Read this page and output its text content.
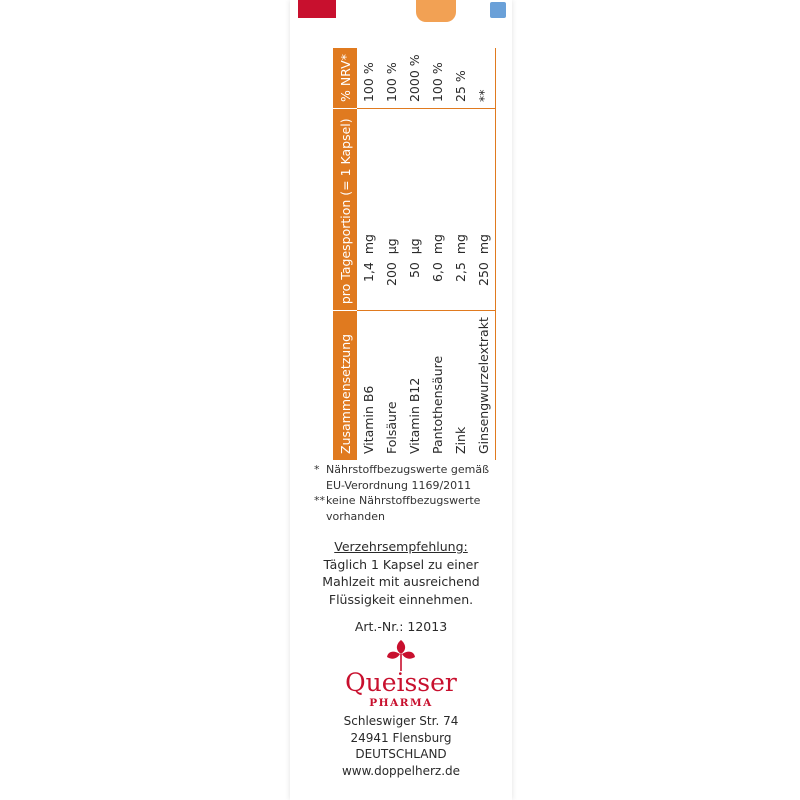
Zusammensetzung	pro Tagesportion (= 1 Kapsel)	% NRV*
Vitamin B6	1,4mg	100 %
Folsäure	200µg	100 %
Vitamin B12	50µg	2000 %
Pantothensäure	6,0mg	100 %
Zink	2,5mg	25 %
Ginsengwurzelextrakt	250mg	**
* Nährstoffbezugswerte gemäß EU-Verordnung 1169/2011
** keine Nährstoffbezugswerte vorhanden
Verzehrsempfehlung:
Täglich 1 Kapsel zu einer
Mahlzeit mit ausreichend
Flüssigkeit einnehmen.
Art.-Nr.: 12013
Queisser
PHARMA
Schleswiger Str. 74
24941 Flensburg
DEUTSCHLAND
www.doppelherz.de
